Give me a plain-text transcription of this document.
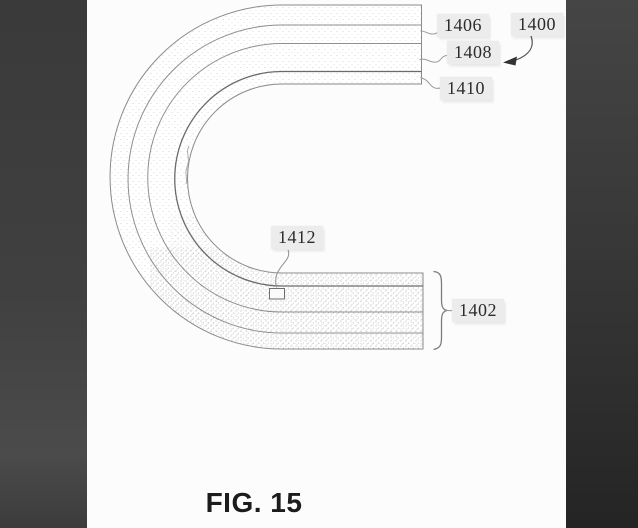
1406	1400
1408
1410
1412
1402
FIG. 15
